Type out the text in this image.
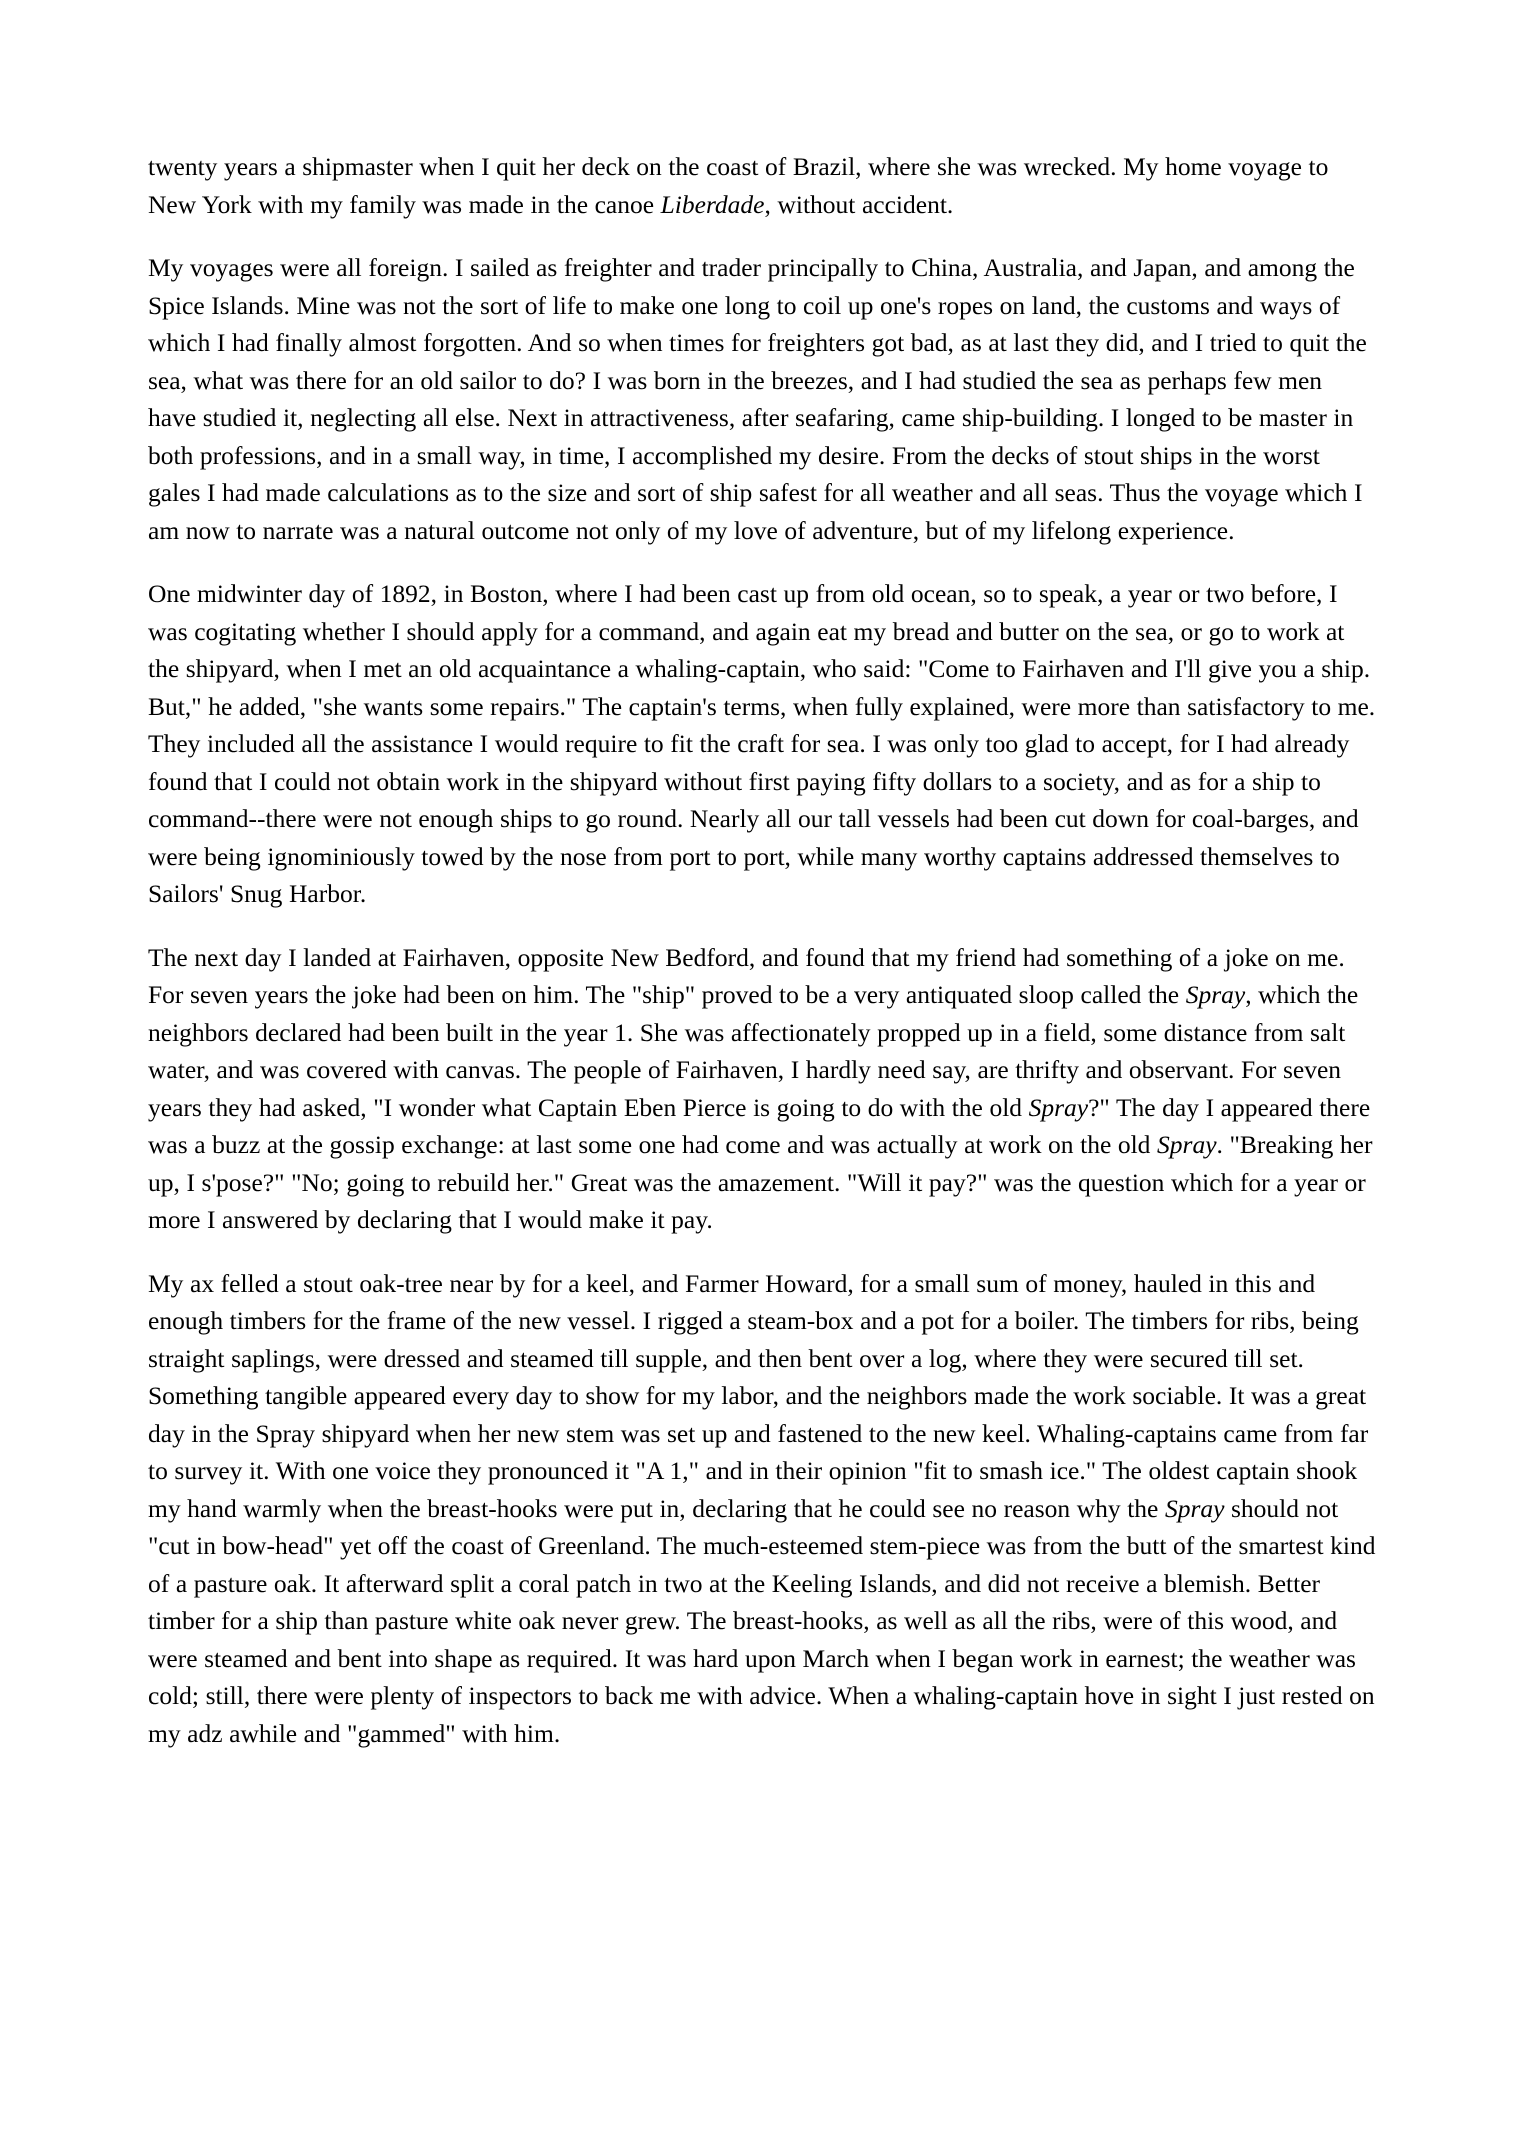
twenty years a shipmaster when I quit her deck on the coast of Brazil, where she was wrecked. My home voyage to New York with my family was made in the canoe Liberdade, without accident.

My voyages were all foreign. I sailed as freighter and trader principally to China, Australia, and Japan, and among the Spice Islands. Mine was not the sort of life to make one long to coil up one's ropes on land, the customs and ways of which I had finally almost forgotten. And so when times for freighters got bad, as at last they did, and I tried to quit the sea, what was there for an old sailor to do? I was born in the breezes, and I had studied the sea as perhaps few men have studied it, neglecting all else. Next in attractiveness, after seafaring, came ship-building. I longed to be master in both professions, and in a small way, in time, I accomplished my desire. From the decks of stout ships in the worst gales I had made calculations as to the size and sort of ship safest for all weather and all seas. Thus the voyage which I am now to narrate was a natural outcome not only of my love of adventure, but of my lifelong experience.

One midwinter day of 1892, in Boston, where I had been cast up from old ocean, so to speak, a year or two before, I was cogitating whether I should apply for a command, and again eat my bread and butter on the sea, or go to work at the shipyard, when I met an old acquaintance a whaling-captain, who said: "Come to Fairhaven and I'll give you a ship. But," he added, "she wants some repairs." The captain's terms, when fully explained, were more than satisfactory to me. They included all the assistance I would require to fit the craft for sea. I was only too glad to accept, for I had already found that I could not obtain work in the shipyard without first paying fifty dollars to a society, and as for a ship to command--there were not enough ships to go round. Nearly all our tall vessels had been cut down for coal-barges, and were being ignominiously towed by the nose from port to port, while many worthy captains addressed themselves to Sailors' Snug Harbor.

The next day I landed at Fairhaven, opposite New Bedford, and found that my friend had something of a joke on me. For seven years the joke had been on him. The "ship" proved to be a very antiquated sloop called the Spray, which the neighbors declared had been built in the year 1. She was affectionately propped up in a field, some distance from salt water, and was covered with canvas. The people of Fairhaven, I hardly need say, are thrifty and observant. For seven years they had asked, "I wonder what Captain Eben Pierce is going to do with the old Spray?" The day I appeared there was a buzz at the gossip exchange: at last some one had come and was actually at work on the old Spray. "Breaking her up, I s'pose?" "No; going to rebuild her." Great was the amazement. "Will it pay?" was the question which for a year or more I answered by declaring that I would make it pay.

My ax felled a stout oak-tree near by for a keel, and Farmer Howard, for a small sum of money, hauled in this and enough timbers for the frame of the new vessel. I rigged a steam-box and a pot for a boiler. The timbers for ribs, being straight saplings, were dressed and steamed till supple, and then bent over a log, where they were secured till set. Something tangible appeared every day to show for my labor, and the neighbors made the work sociable. It was a great day in the Spray shipyard when her new stem was set up and fastened to the new keel. Whaling-captains came from far to survey it. With one voice they pronounced it "A 1," and in their opinion "fit to smash ice." The oldest captain shook my hand warmly when the breast-hooks were put in, declaring that he could see no reason why the Spray should not "cut in bow-head" yet off the coast of Greenland. The much-esteemed stem-piece was from the butt of the smartest kind of a pasture oak. It afterward split a coral patch in two at the Keeling Islands, and did not receive a blemish. Better timber for a ship than pasture white oak never grew. The breast-hooks, as well as all the ribs, were of this wood, and were steamed and bent into shape as required. It was hard upon March when I began work in earnest; the weather was cold; still, there were plenty of inspectors to back me with advice. When a whaling-captain hove in sight I just rested on my adz awhile and "gammed" with him.
